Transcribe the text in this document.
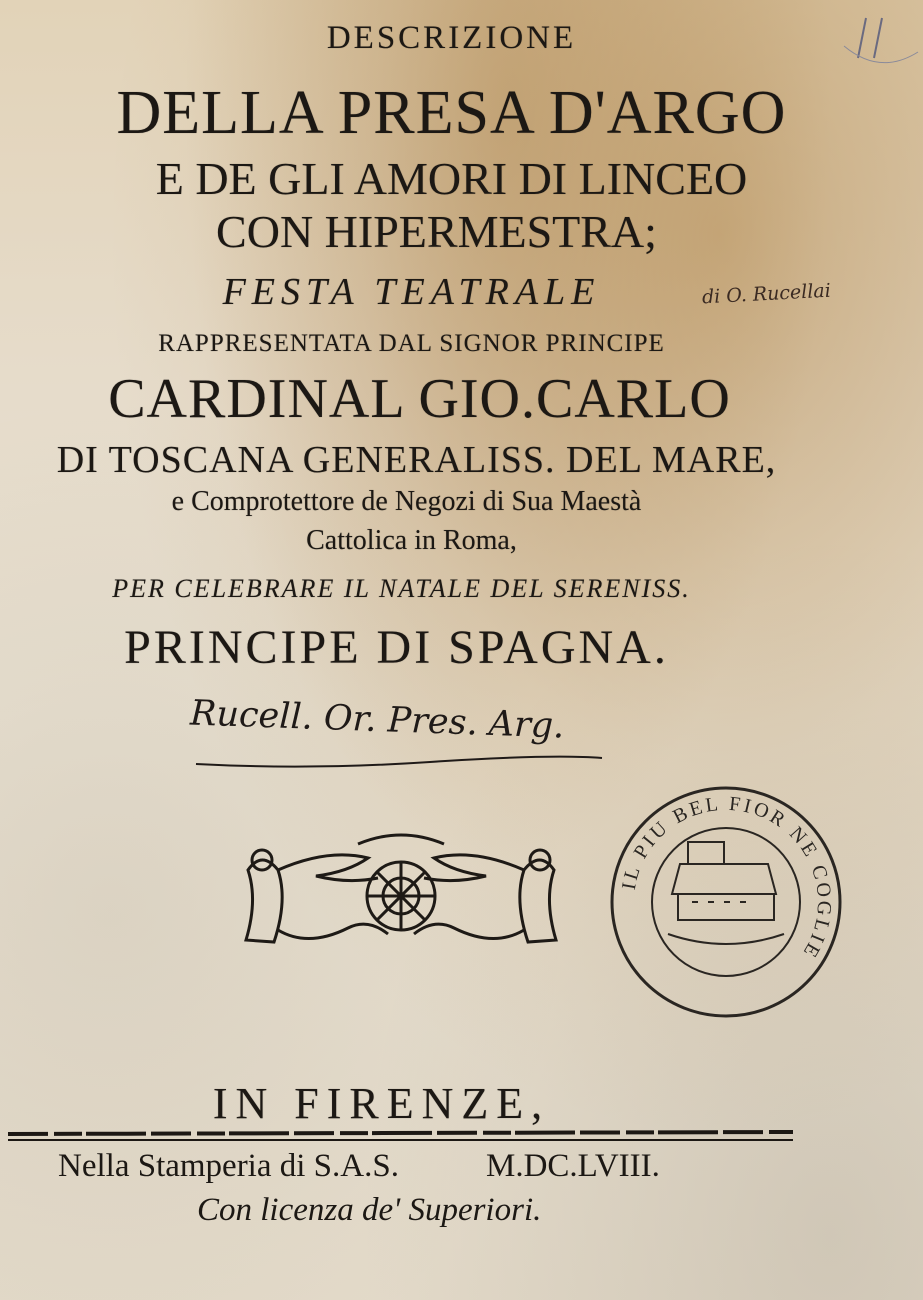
DESCRIZIONE
DELLA PRESA D'ARGO
E DE GLI AMORI DI LINCEO
CON HIPERMESTRA;
FESTA TEATRALE	di O. Rucellai
RAPPRESENTATA DAL SIGNOR PRINCIPE
CARDINAL GIO.CARLO
DI TOSCANA GENERALISS. DEL MARE,
e Comprotettore de Negozi di Sua Maestà
Cattolica in Roma,
PER CELEBRARE IL NATALE DEL SERENISS.
PRINCIPE DI SPAGNA.
Rucell. Or. Pres. Arg.
IL PIU BEL FIOR NE COGLIE
IN FIRENZE,
Nella Stamperia di S.A.S.	M.DC.LVIII.
Con licenza de' Superiori.
